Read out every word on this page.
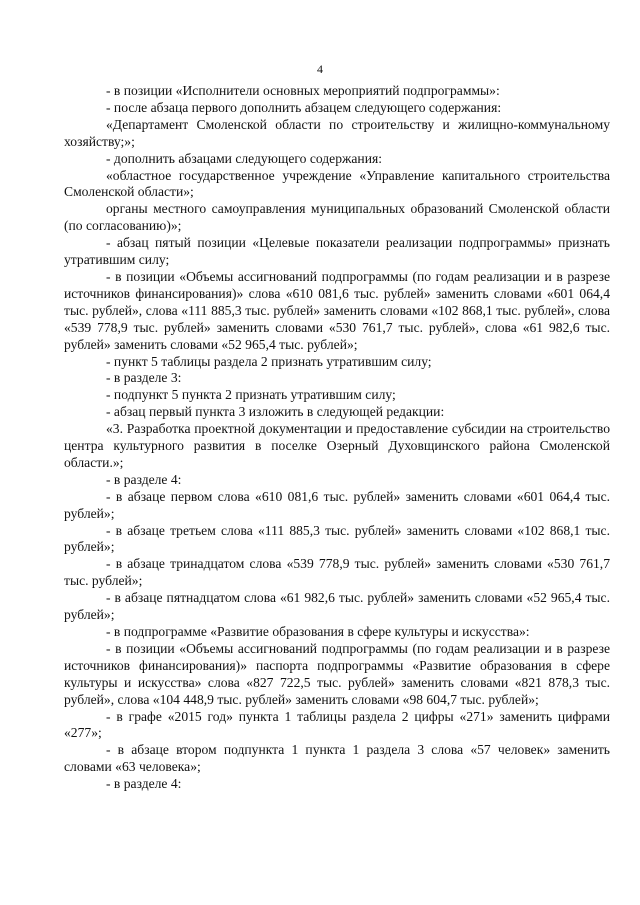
4

- в позиции «Исполнители основных мероприятий подпрограммы»:

- после абзаца первого дополнить абзацем следующего содержания:

«Департамент Смоленской области по строительству и жилищно-коммунальному хозяйству;»;

- дополнить абзацами следующего содержания:

«областное государственное учреждение «Управление капитального строительства Смоленской области»;

органы местного самоуправления муниципальных образований Смоленской области (по согласованию)»;

- абзац пятый позиции «Целевые показатели реализации подпрограммы» признать утратившим силу;

- в позиции «Объемы ассигнований подпрограммы (по годам реализации и в разрезе источников финансирования)» слова «610 081,6 тыс. рублей» заменить словами «601 064,4 тыс. рублей», слова «111 885,3 тыс. рублей» заменить словами «102 868,1 тыс. рублей», слова «539 778,9 тыс. рублей» заменить словами «530 761,7 тыс. рублей», слова «61 982,6 тыс. рублей» заменить словами «52 965,4 тыс. рублей»;

- пункт 5 таблицы раздела 2 признать утратившим силу;

- в разделе 3:

- подпункт 5 пункта 2 признать утратившим силу;

- абзац первый пункта 3 изложить в следующей редакции:

«3. Разработка проектной документации и предоставление субсидии на строительство центра культурного развития в поселке Озерный Духовщинского района Смоленской области.»;

- в разделе 4:

- в абзаце первом слова «610 081,6 тыс. рублей» заменить словами «601 064,4 тыс. рублей»;

- в абзаце третьем слова «111 885,3 тыс. рублей» заменить словами «102 868,1 тыс. рублей»;

- в абзаце тринадцатом слова «539 778,9 тыс. рублей» заменить словами «530 761,7 тыс. рублей»;

- в абзаце пятнадцатом слова «61 982,6 тыс. рублей» заменить словами «52 965,4 тыс. рублей»;

- в подпрограмме «Развитие образования в сфере культуры и искусства»:

- в позиции «Объемы ассигнований подпрограммы (по годам реализации и в разрезе источников финансирования)» паспорта подпрограммы «Развитие образования в сфере культуры и искусства» слова «827 722,5 тыс. рублей» заменить словами «821 878,3 тыс. рублей», слова «104 448,9 тыс. рублей» заменить словами «98 604,7 тыс. рублей»;

- в графе «2015 год» пункта 1 таблицы раздела 2 цифры «271» заменить цифрами «277»;

- в абзаце втором подпункта 1 пункта 1 раздела 3 слова «57 человек» заменить словами «63 человека»;

- в разделе 4:
